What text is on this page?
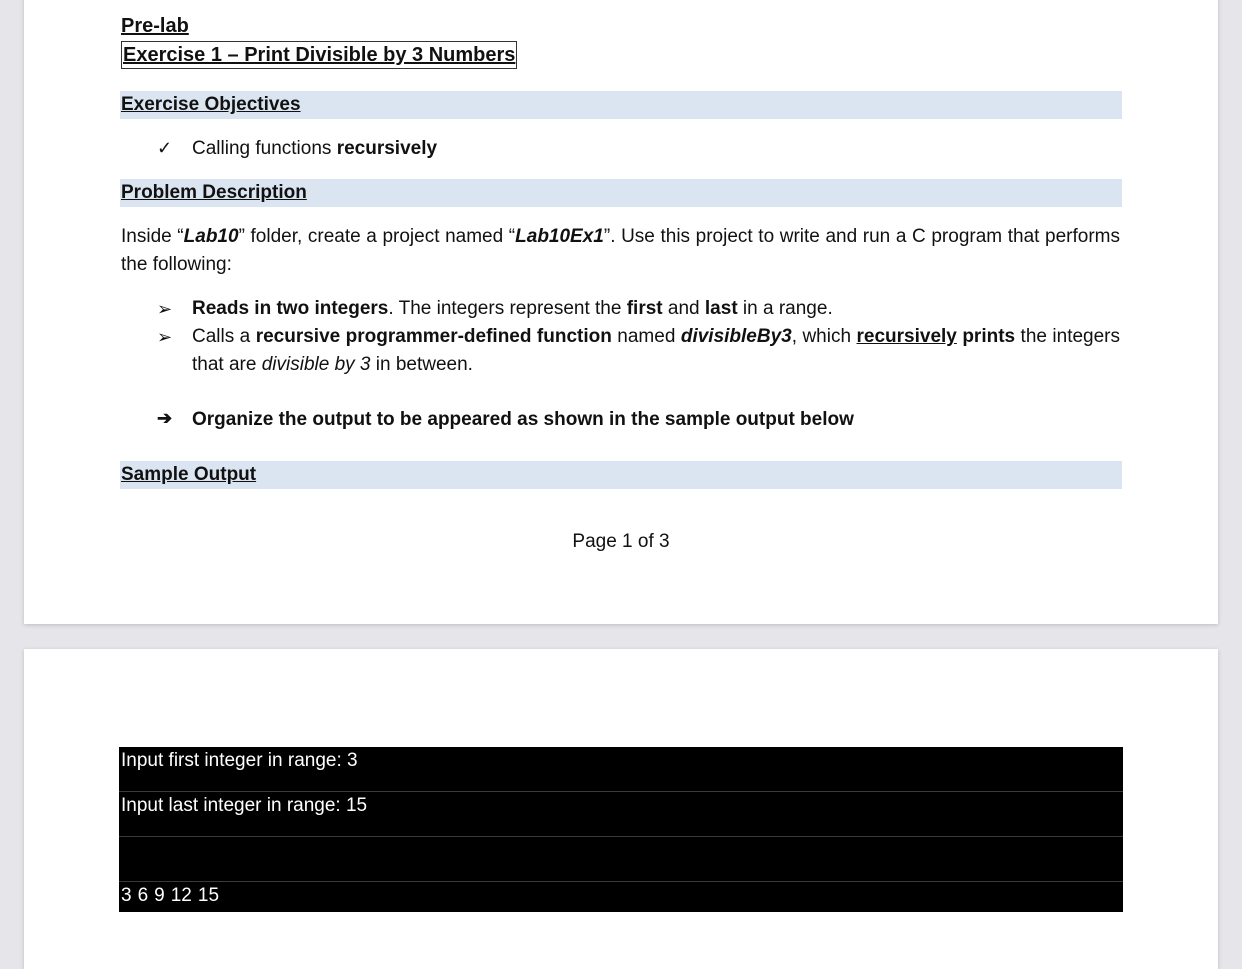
Pre-lab
Exercise 1 – Print Divisible by 3 Numbers
Exercise Objectives
✓ Calling functions recursively
Problem Description
Inside “Lab10” folder, create a project named “Lab10Ex1”. Use this project to write and run a C program that performs the following:
➢ Reads in two integers. The integers represent the first and last in a range.
➢ Calls a recursive programmer-defined function named divisibleBy3, which recursively prints the integers that are divisible by 3 in between.
➔ Organize the output to be appeared as shown in the sample output below
Sample Output
Page 1 of 3
Input first integer in range: 3
Input last integer in range: 15
3 6 9 12 15
